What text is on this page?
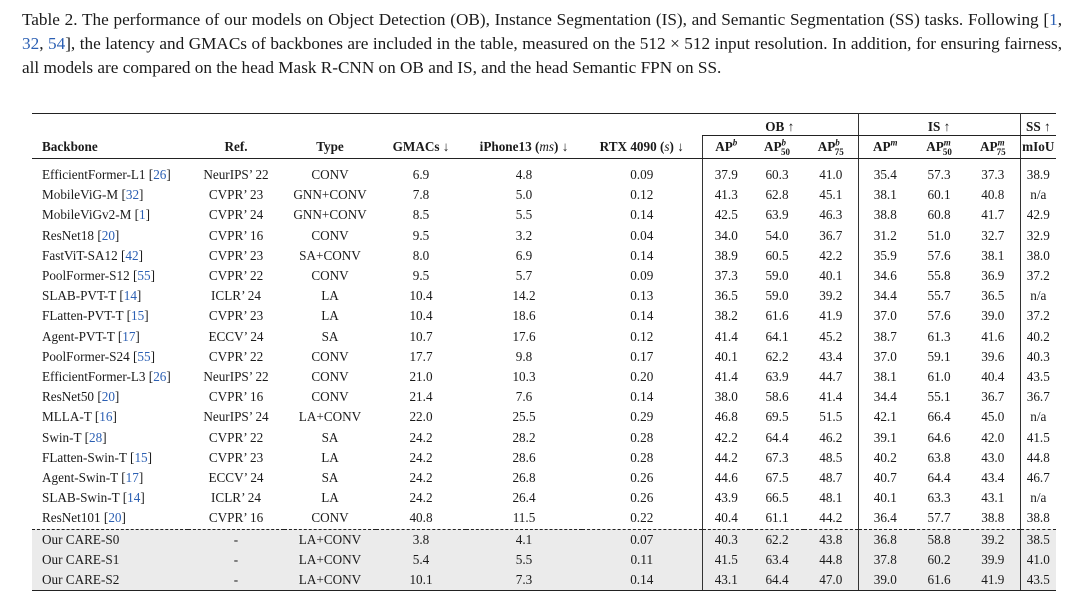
Table 2. The performance of our models on Object Detection (OB), Instance Segmentation (IS), and Semantic Segmentation (SS) tasks. Following [1, 32, 54], the latency and GMACs of backbones are included in the table, measured on the 512 × 512 input resolution. In addition, for ensuring fairness, all models are compared on the head Mask R-CNN on OB and IS, and the head Semantic FPN on SS.
						OB ↑			IS ↑			SS ↑
Backbone	Ref.	Type	GMACs ↓	iPhone13 (ms) ↓	RTX 4090 (s) ↓	$AP^b$	$AP^b_{50}$	$AP^b_{75}$	$AP^m$	$AP^m_{50}$	$AP^m_{75}$	mIoU

EfficientFormer-L1 [26]	NeurIPS’ 22	CONV	6.9	4.8	0.09	37.9	60.3	41.0	35.4	57.3	37.3	38.9
MobileViG-M [32]	CVPR’ 23	GNN+CONV	7.8	5.0	0.12	41.3	62.8	45.1	38.1	60.1	40.8	n/a
MobileViGv2-M [1]	CVPR’ 24	GNN+CONV	8.5	5.5	0.14	42.5	63.9	46.3	38.8	60.8	41.7	42.9
ResNet18 [20]	CVPR’ 16	CONV	9.5	3.2	0.04	34.0	54.0	36.7	31.2	51.0	32.7	32.9
FastViT-SA12 [42]	CVPR’ 23	SA+CONV	8.0	6.9	0.14	38.9	60.5	42.2	35.9	57.6	38.1	38.0
PoolFormer-S12 [55]	CVPR’ 22	CONV	9.5	5.7	0.09	37.3	59.0	40.1	34.6	55.8	36.9	37.2
SLAB-PVT-T [14]	ICLR’ 24	LA	10.4	14.2	0.13	36.5	59.0	39.2	34.4	55.7	36.5	n/a
FLatten-PVT-T [15]	CVPR’ 23	LA	10.4	18.6	0.14	38.2	61.6	41.9	37.0	57.6	39.0	37.2
Agent-PVT-T [17]	ECCV’ 24	SA	10.7	17.6	0.12	41.4	64.1	45.2	38.7	61.3	41.6	40.2
PoolFormer-S24 [55]	CVPR’ 22	CONV	17.7	9.8	0.17	40.1	62.2	43.4	37.0	59.1	39.6	40.3
EfficientFormer-L3 [26]	NeurIPS’ 22	CONV	21.0	10.3	0.20	41.4	63.9	44.7	38.1	61.0	40.4	43.5
ResNet50 [20]	CVPR’ 16	CONV	21.4	7.6	0.14	38.0	58.6	41.4	34.4	55.1	36.7	36.7
MLLA-T [16]	NeurIPS’ 24	LA+CONV	22.0	25.5	0.29	46.8	69.5	51.5	42.1	66.4	45.0	n/a
Swin-T [28]	CVPR’ 22	SA	24.2	28.2	0.28	42.2	64.4	46.2	39.1	64.6	42.0	41.5
FLatten-Swin-T [15]	CVPR’ 23	LA	24.2	28.6	0.28	44.2	67.3	48.5	40.2	63.8	43.0	44.8
Agent-Swin-T [17]	ECCV’ 24	SA	24.2	26.8	0.26	44.6	67.5	48.7	40.7	64.4	43.4	46.7
SLAB-Swin-T [14]	ICLR’ 24	LA	24.2	26.4	0.26	43.9	66.5	48.1	40.1	63.3	43.1	n/a
ResNet101 [20]	CVPR’ 16	CONV	40.8	11.5	0.22	40.4	61.1	44.2	36.4	57.7	38.8	38.8
Our CARE-S0	-	LA+CONV	3.8	4.1	0.07	40.3	62.2	43.8	36.8	58.8	39.2	38.5
Our CARE-S1	-	LA+CONV	5.4	5.5	0.11	41.5	63.4	44.8	37.8	60.2	39.9	41.0
Our CARE-S2	-	LA+CONV	10.1	7.3	0.14	43.1	64.4	47.0	39.0	61.6	41.9	43.5
